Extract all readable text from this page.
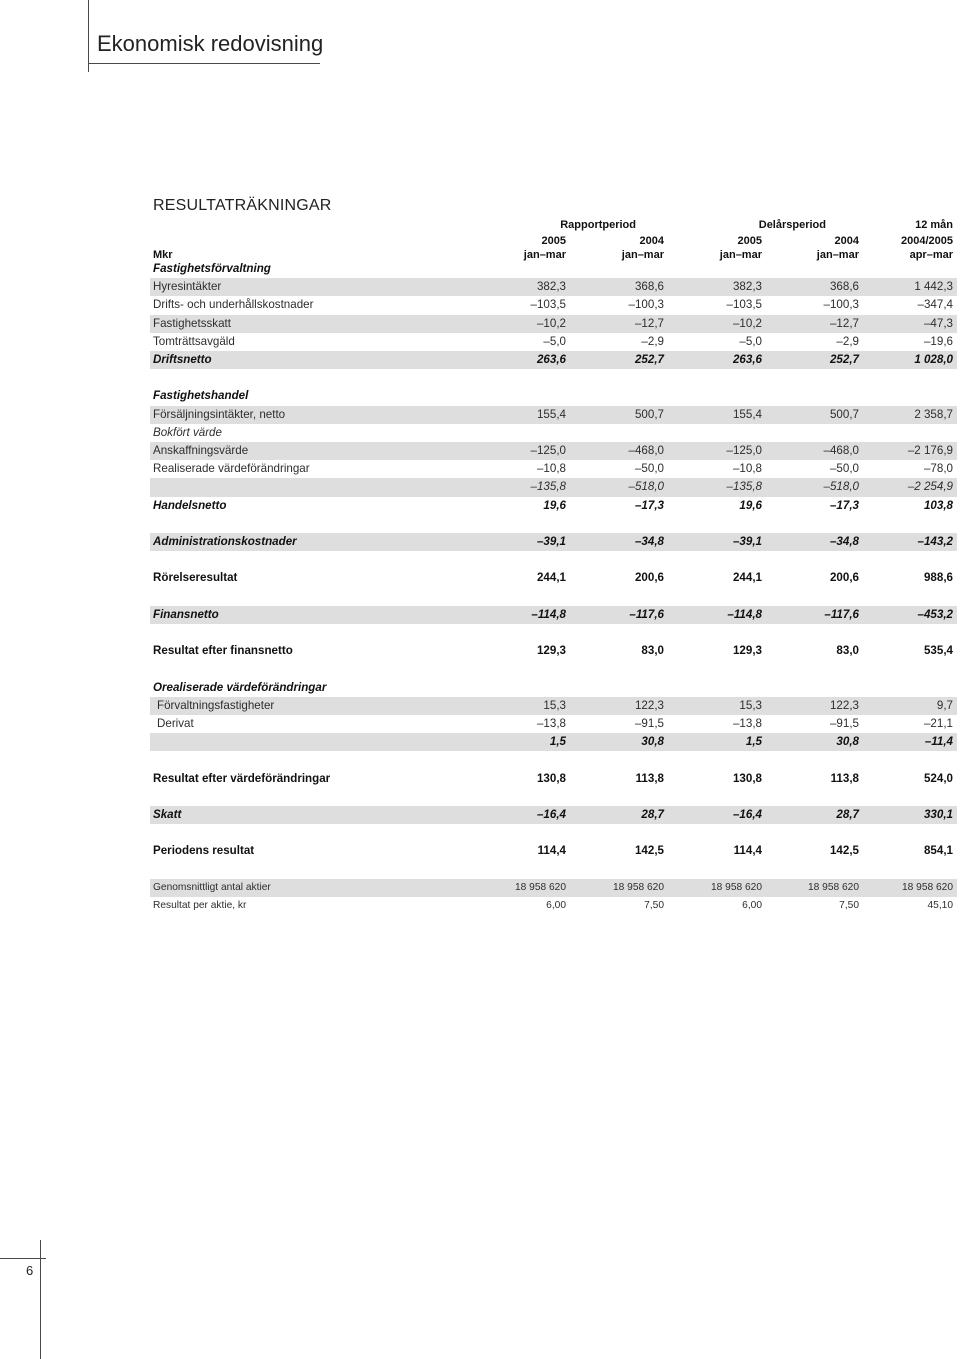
Ekonomisk redovisning
RESULTATRÄKNINGAR
Rapportperiod	Delårsperiod	12 mån
2005	2004	2005	2004	2004/2005
Mkr	jan–mar	jan–mar	jan–mar	jan–mar	apr–mar
Fastighetsförvaltning
Hyresintäkter	382,3	368,6	382,3	368,6	1 442,3
Drifts- och underhållskostnader	–103,5	–100,3	–103,5	–100,3	–347,4
Fastighetsskatt	–10,2	–12,7	–10,2	–12,7	–47,3
Tomträttsavgäld	–5,0	–2,9	–5,0	–2,9	–19,6
Driftsnetto	263,6	252,7	263,6	252,7	1 028,0
Fastighetshandel
Försäljningsintäkter, netto	155,4	500,7	155,4	500,7	2 358,7
Bokfört värde
Anskaffningsvärde	–125,0	–468,0	–125,0	–468,0	–2 176,9
Realiserade värdeförändringar	–10,8	–50,0	–10,8	–50,0	–78,0
–135,8	–518,0	–135,8	–518,0	–2 254,9
Handelsnetto	19,6	–17,3	19,6	–17,3	103,8
Administrationskostnader	–39,1	–34,8	–39,1	–34,8	–143,2
Rörelseresultat	244,1	200,6	244,1	200,6	988,6
Finansnetto	–114,8	–117,6	–114,8	–117,6	–453,2
Resultat efter finansnetto	129,3	83,0	129,3	83,0	535,4
Orealiserade värdeförändringar
Förvaltningsfastigheter	15,3	122,3	15,3	122,3	9,7
Derivat	–13,8	–91,5	–13,8	–91,5	–21,1
1,5	30,8	1,5	30,8	–11,4
Resultat efter värdeförändringar	130,8	113,8	130,8	113,8	524,0
Skatt	–16,4	28,7	–16,4	28,7	330,1
Periodens resultat	114,4	142,5	114,4	142,5	854,1
Genomsnittligt antal aktier	18 958 620	18 958 620	18 958 620	18 958 620	18 958 620
Resultat per aktie, kr	6,00	7,50	6,00	7,50	45,10
6
